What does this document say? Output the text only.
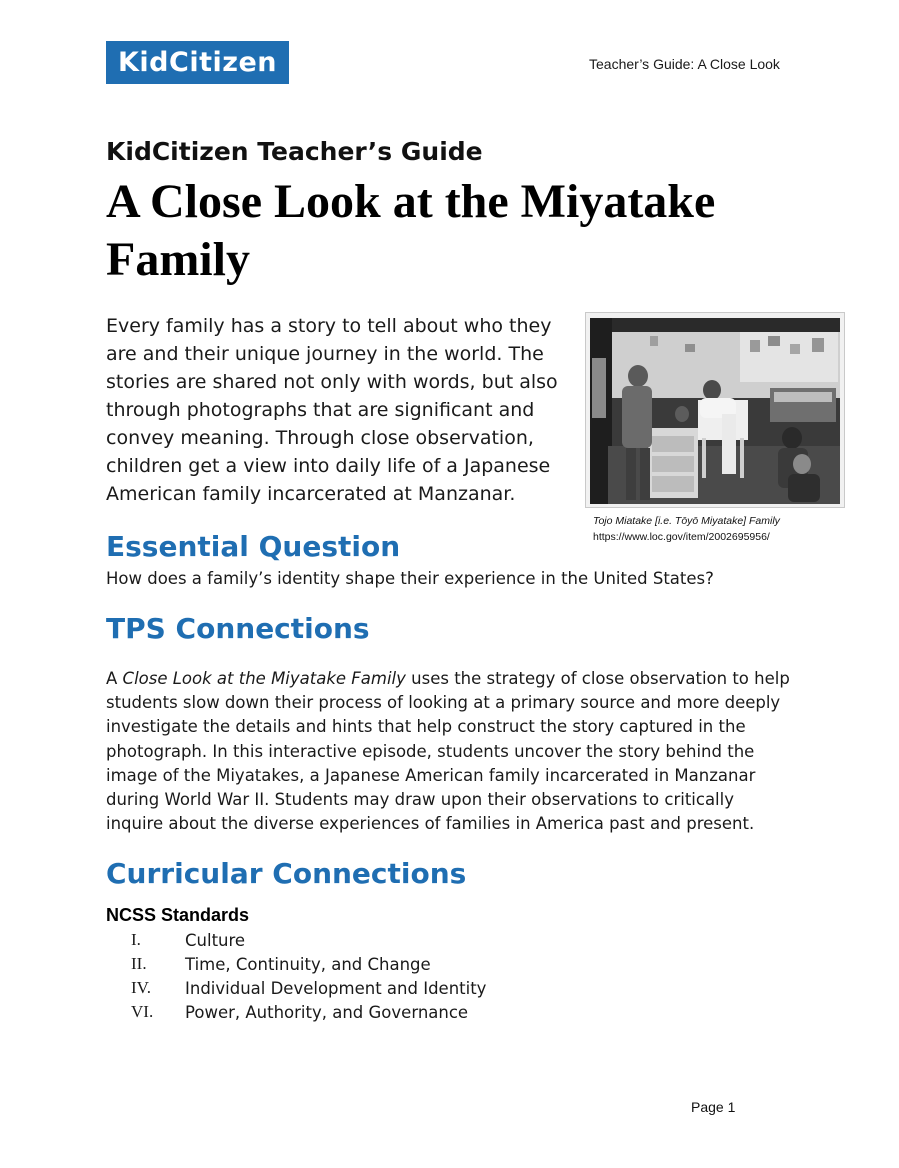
KidCitizen	Teacher’s Guide: A Close Look
KidCitizen Teacher’s Guide
A Close Look at the Miyatake Family

Every family has a story to tell about who they are and their unique journey in the world. The stories are shared not only with words, but also through photographs that are significant and convey meaning. Through close observation, children get a view into daily life of a Japanese American family incarcerated at Manzanar.

Tojo Miatake [i.e. Tōyō Miyatake] Family
https://www.loc.gov/item/2002695956/
Essential Question
How does a family’s identity shape their experience in the United States?
TPS Connections

A Close Look at the Miyatake Family uses the strategy of close observation to help students slow down their process of looking at a primary source and more deeply investigate the details and hints that help construct the story captured in the photograph. In this interactive episode, students uncover the story behind the image of the Miyatakes, a Japanese American family incarcerated in Manzanar during World War II. Students may draw upon their observations to critically inquire about the diverse experiences of families in America past and present.

Curricular Connections
NCSS Standards
I.	Culture
II.	Time, Continuity, and Change
IV.	Individual Development and Identity
VI.	Power, Authority, and Governance
Page 1
